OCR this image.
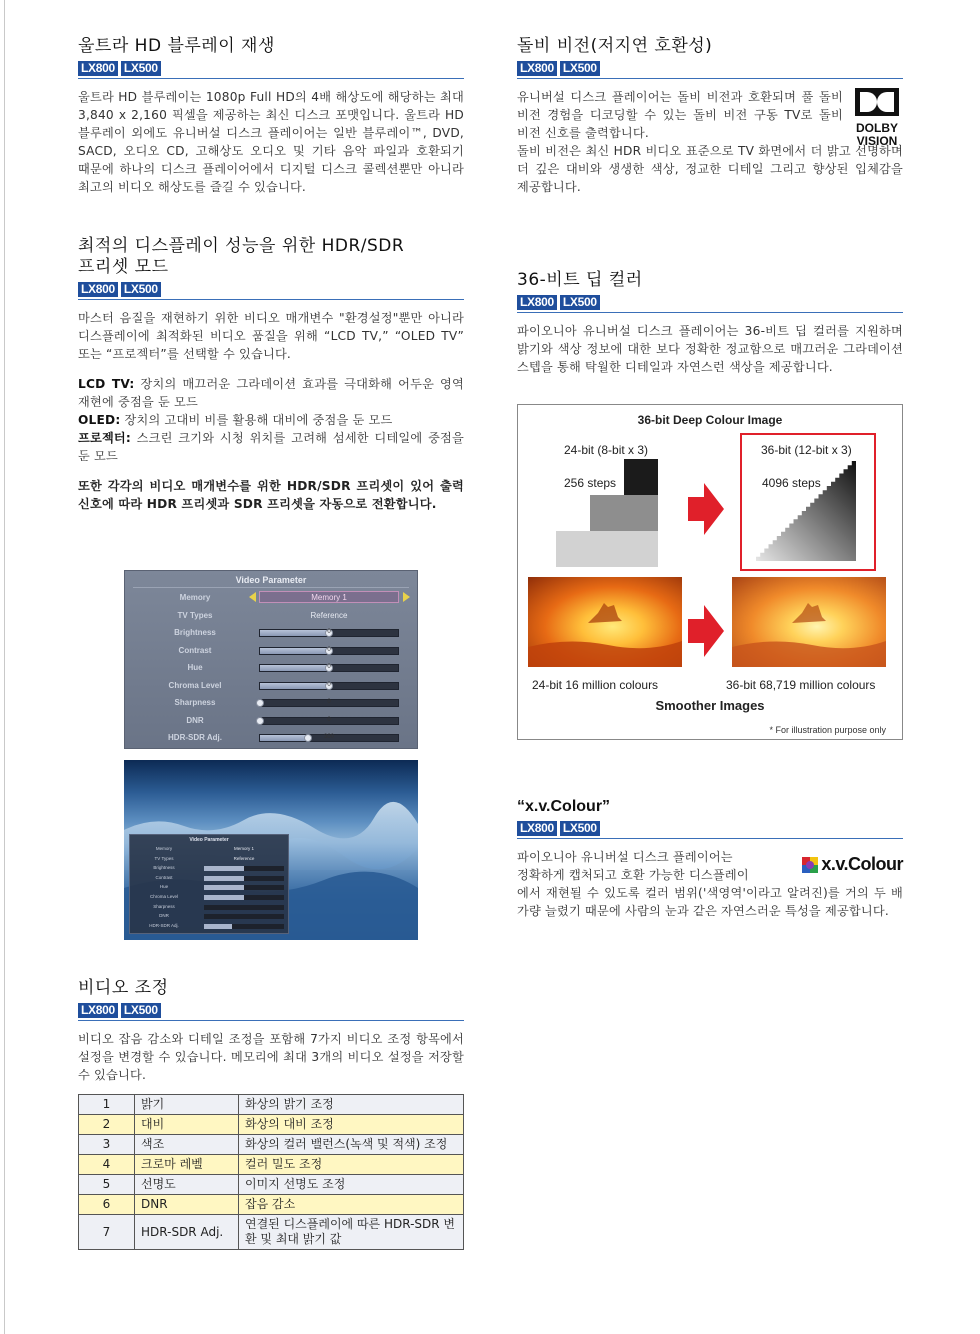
울트라 HD 블루레이 재생
LX800 LX500

울트라 HD 블루레이는 1080p Full HD의 4배 해상도에 해당하는 최대 3,840 x 2,160 픽셀을 제공하는 최신 디스크 포맷입니다. 울트라 HD 블루레이 외에도 유니버설 디스크 플레이어는 일반 블루레이™, DVD, SACD, 오디오 CD, 고해상도 오디오 및 기타 음악 파일과 호환되기 때문에 하나의 디스크 플레이어에서 디지털 디스크 콜렉션뿐만 아니라 최고의 비디오 해상도를 즐길 수 있습니다.

최적의 디스플레이 성능을 위한 HDR/SDR
프리셋 모드
LX800 LX500

마스터 음질을 재현하기 위한 비디오 매개변수 "환경설정"뿐만 아니라 디스플레이에 최적화된 비디오 품질을 위해 “LCD TV,” “OLED TV” 또는 “프로젝터”를 선택할 수 있습니다.

LCD TV: 장치의 매끄러운 그라데이션 효과를 극대화해 어두운 영역 재현에 중점을 둔 모드

OLED: 장치의 고대비 비를 활용해 대비에 중점을 둔 모드

프로젝터: 스크린 크기와 시청 위치를 고려해 섬세한 디테일에 중점을 둔 모드

또한 각각의 비디오 매개변수를 위한 HDR/SDR 프리셋이 있어 출력 신호에 따라 HDR 프리셋과 SDR 프리셋을 자동으로 전환합니다.

Video Parameter
Memory	Memory 1
TV Types	Reference
Brightness	0
Contrast	0
Hue	0
Chroma Level	0
Sharpness	0
DNR	0
HDR-SDR Adj.	300
Video Parameter
Memory	Memory 1
TV Types	Reference
Brightness
Contrast
Hue
Chroma Level
Sharpness
DNR
HDR-SDR Adj.
비디오 조정
LX800 LX500

비디오 잡음 감소와 디테일 조정을 포함해 7가지 비디오 조정 항목에서 설정을 변경할 수 있습니다. 메모리에 최대 3개의 비디오 설정을 저장할 수 있습니다.

1	밝기	화상의 밝기 조정
2	대비	화상의 대비 조정
3	색조	화상의 컬러 밸런스(녹색 및 적색) 조정
4	크로마 레벨	컬러 밀도 조정
5	선명도	이미지 선명도 조정
6	DNR	잡음 감소
7	HDR-SDR Adj.	연결된 디스플레이에 따른 HDR-SDR 변환 및 최대 밝기 값
돌비 비전(저지연 호환성)
LX800 LX500

유니버설 디스크 플레이어는 돌비 비전과 호환되며 풀 돌비 비전 경험을 디코딩할 수 있는 돌비 비전 구동 TV로 돌비 비전 신호를 출력합니다.

돌비 비전은 최신 HDR 비디오 표준으로 TV 화면에서 더 밝고 선명하며 더 깊은 대비와 생생한 색상, 정교한 디테일 그리고 향상된 입체감을 제공합니다.

DOLBY
VISION
36-비트 딥 컬러
LX800 LX500

파이오니아 유니버설 디스크 플레이어는 36-비트 딥 컬러를 지원하며 밝기와 색상 정보에 대한 보다 정확한 정교함으로 매끄러운 그라데이션 스텝을 통해 탁월한 디테일과 자연스런 색상을 제공합니다.

36-bit Deep Colour Image
24-bit (8-bit x 3)
256 steps
36-bit (12-bit x 3)
4096 steps
24-bit 16 million colours	36-bit 68,719 million colours
Smoother Images
* For illustration purpose only
“x.v.Colour”
LX800 LX500

파이오니아 유니버설 디스크 플레이어는

정확하게 캡처되고 호환 가능한 디스플레이

에서 재현될 수 있도록 컬러 범위('색영역'이라고 알려진)를 거의 두 배 가량 늘렸기 때문에 사람의 눈과 같은 자연스러운 특성을 제공합니다.

x.v.Colour
